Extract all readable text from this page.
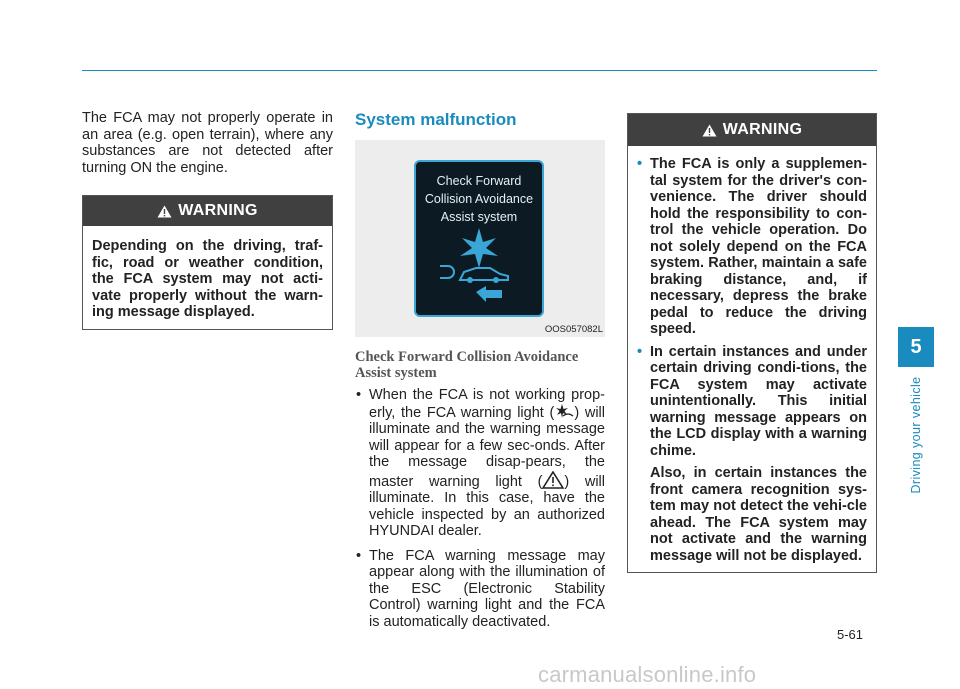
The FCA may not properly operate in an area (e.g. open terrain), where any substances are not detected after turning ON the engine.
WARNING
Depending on the driving, traf-fic, road or weather condition, the FCA system may not acti-vate properly without the warn-ing message displayed.
System malfunction
Check Forward
Collision Avoidance
Assist system
OOS057082L
Check Forward Collision Avoidance Assist system
• When the FCA is not working prop-erly, the FCA warning light ( ) will illuminate and the warning message will appear for a few sec-onds. After the message disap-pears, the master warning light ( ) will illuminate. In this case, have the vehicle inspected by an authorized HYUNDAI dealer.
• The FCA warning message may appear along with the illumination of the ESC (Electronic Stability Control) warning light and the FCA is automatically deactivated.
WARNING
• The FCA is only a supplemen-tal system for the driver's con-venience. The driver should hold the responsibility to con-trol the vehicle operation. Do not solely depend on the FCA system. Rather, maintain a safe braking distance, and, if necessary, depress the brake pedal to reduce the driving speed.
• In certain instances and under certain driving condi-tions, the FCA system may activate unintentionally. This initial warning message appears on the LCD display with a warning chime.

Also, in certain instances the front camera recognition sys-tem may not detect the vehi-cle ahead. The FCA system may not activate and the warning message will not be displayed.

5
Driving your vehicle
5-61
carmanualsonline.info
